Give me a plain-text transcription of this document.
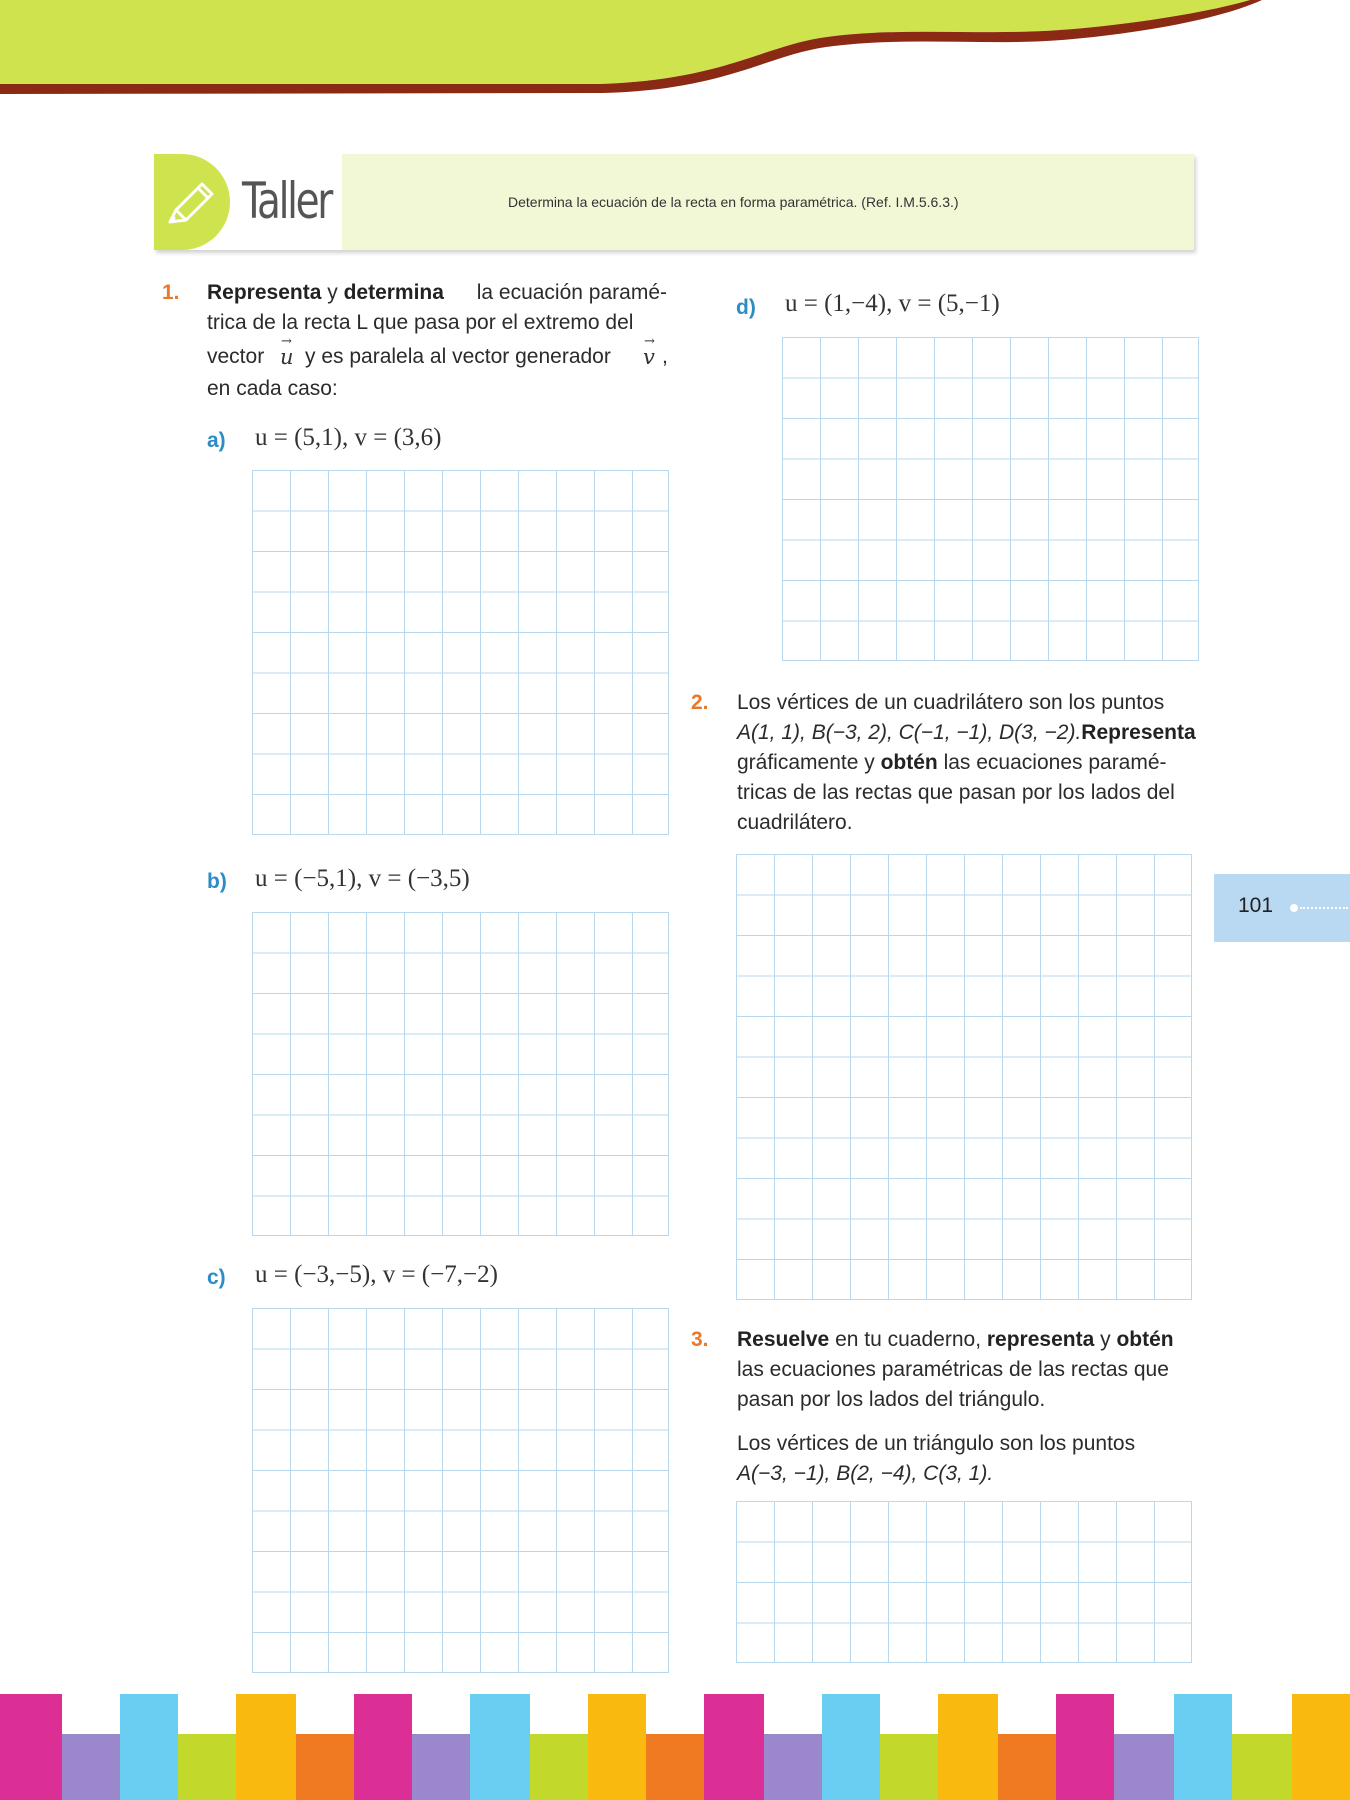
Taller	Determina la ecuación de la recta en forma paramétrica. (Ref. I.M.5.6.3.)
1. Representa y determina la ecuación paramé-
trica de la recta L que pasa por el extremo del
vector
→
u y es paralela al vector generador
→
v ,
en cada caso:
a) u = (5,1), v = (3,6)
b) u = (−5,1), v = (−3,5)
c) u = (−3,−5), v = (−7,−2)
d) u = (1,−4), v = (5,−1)
2. Los vértices de un cuadrilátero son los puntos
A(1, 1), B(−3, 2), C(−1, −1), D(3, −2). Representa
gráficamente y obtén las ecuaciones paramé-
tricas de las rectas que pasan por los lados del
cuadrilátero.
3. Resuelve en tu cuaderno, representa y obtén
las ecuaciones paramétricas de las rectas que
pasan por los lados del triángulo.
Los vértices de un triángulo son los puntos
A(−3, −1), B(2, −4), C(3, 1).
101
